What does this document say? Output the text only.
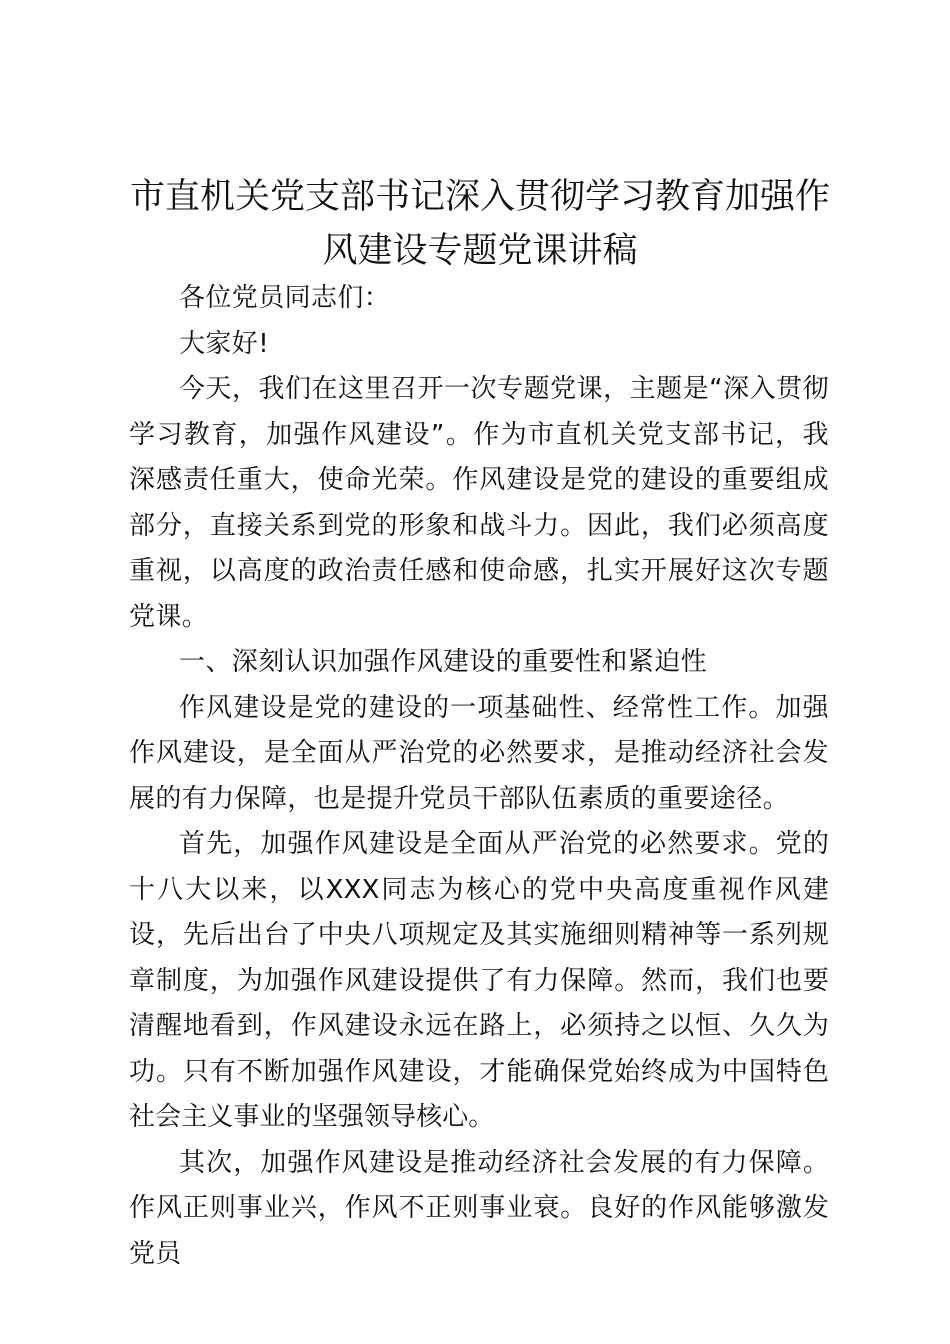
市直机关党支部书记深入贯彻学习教育加强作
风建设专题党课讲稿

各位党员同志们：

大家好!

今天，我们在这里召开一次专题党课，主题是“深入贯彻学习教育，加强作风建设”。作为市直机关党支部书记，我深感责任重大，使命光荣。作风建设是党的建设的重要组成部分，直接关系到党的形象和战斗力。因此，我们必须高度重视，以高度的政治责任感和使命感，扎实开展好这次专题党课。

一、深刻认识加强作风建设的重要性和紧迫性

作风建设是党的建设的一项基础性、经常性工作。加强作风建设，是全面从严治党的必然要求，是推动经济社会发展的有力保障，也是提升党员干部队伍素质的重要途径。

首先，加强作风建设是全面从严治党的必然要求。党的十八大以来，以XXX同志为核心的党中央高度重视作风建设，先后出台了中央八项规定及其实施细则精神等一系列规章制度，为加强作风建设提供了有力保障。然而，我们也要清醒地看到，作风建设永远在路上，必须持之以恒、久久为功。只有不断加强作风建设，才能确保党始终成为中国特色社会主义事业的坚强领导核心。

其次，加强作风建设是推动经济社会发展的有力保障。作风正则事业兴，作风不正则事业衰。良好的作风能够激发党员
